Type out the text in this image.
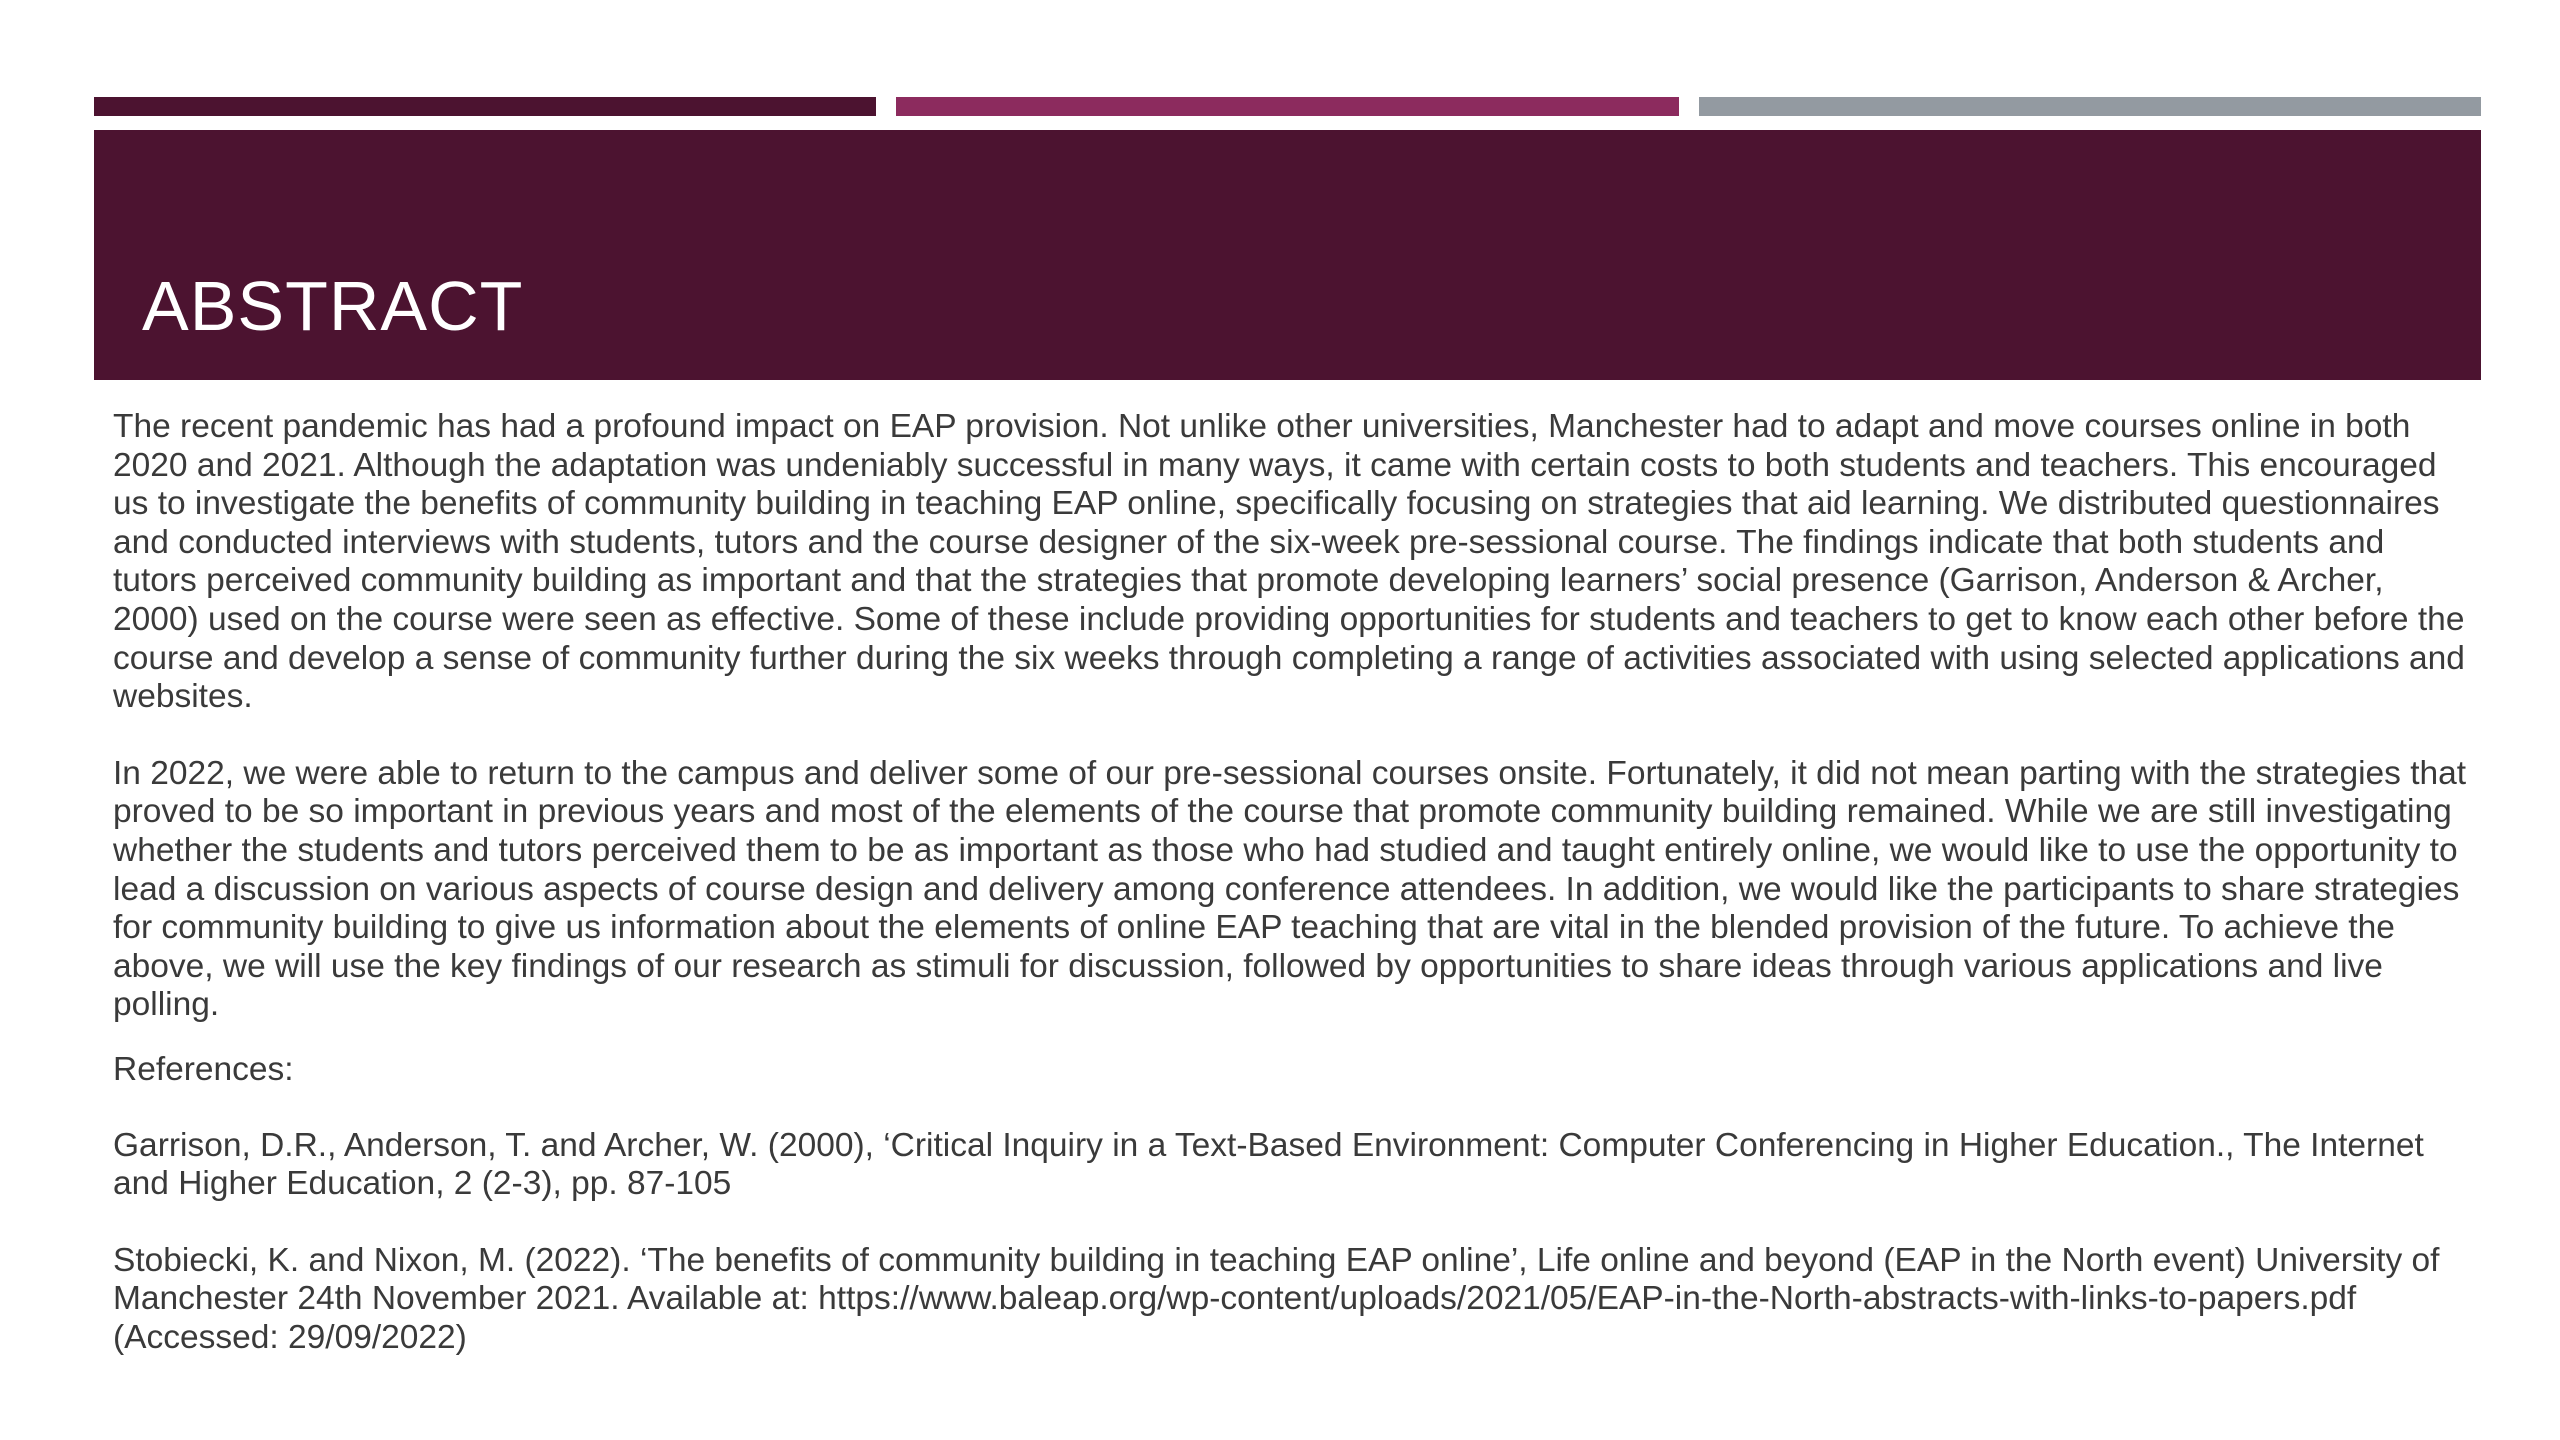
ABSTRACT

The recent pandemic has had a profound impact on EAP provision. Not unlike other universities, Manchester had to adapt and move courses online in both 2020 and 2021. Although the adaptation was undeniably successful in many ways, it came with certain costs to both students and teachers. This encouraged us to investigate the benefits of community building in teaching EAP online, specifically focusing on strategies that aid learning. We distributed questionnaires and conducted interviews with students, tutors and the course designer of the six-week pre-sessional course. The findings indicate that both students and tutors perceived community building as important and that the strategies that promote developing learners’ social presence (Garrison, Anderson & Archer, 2000) used on the course were seen as effective. Some of these include providing opportunities for students and teachers to get to know each other before the course and develop a sense of community further during the six weeks through completing a range of activities associated with using selected applications and websites.

In 2022, we were able to return to the campus and deliver some of our pre-sessional courses onsite. Fortunately, it did not mean parting with the strategies that proved to be so important in previous years and most of the elements of the course that promote community building remained. While we are still investigating whether the students and tutors perceived them to be as important as those who had studied and taught entirely online, we would like to use the opportunity to lead a discussion on various aspects of course design and delivery among conference attendees. In addition, we would like the participants to share strategies for community building to give us information about the elements of online EAP teaching that are vital in the blended provision of the future. To achieve the above, we will use the key findings of our research as stimuli for discussion, followed by opportunities to share ideas through various applications and live polling.

References:

Garrison, D.R., Anderson, T. and Archer, W. (2000), ‘Critical Inquiry in a Text-Based Environment: Computer Conferencing in Higher Education., The Internet and Higher Education, 2 (2-3), pp. 87-105

Stobiecki, K. and Nixon, M. (2022). ‘The benefits of community building in teaching EAP online’, Life online and beyond (EAP in the North event) University of Manchester 24th November 2021. Available at: https://www.baleap.org/wp-content/uploads/2021/05/EAP-in-the-North-abstracts-with-links-to-papers.pdf (Accessed: 29/09/2022)
